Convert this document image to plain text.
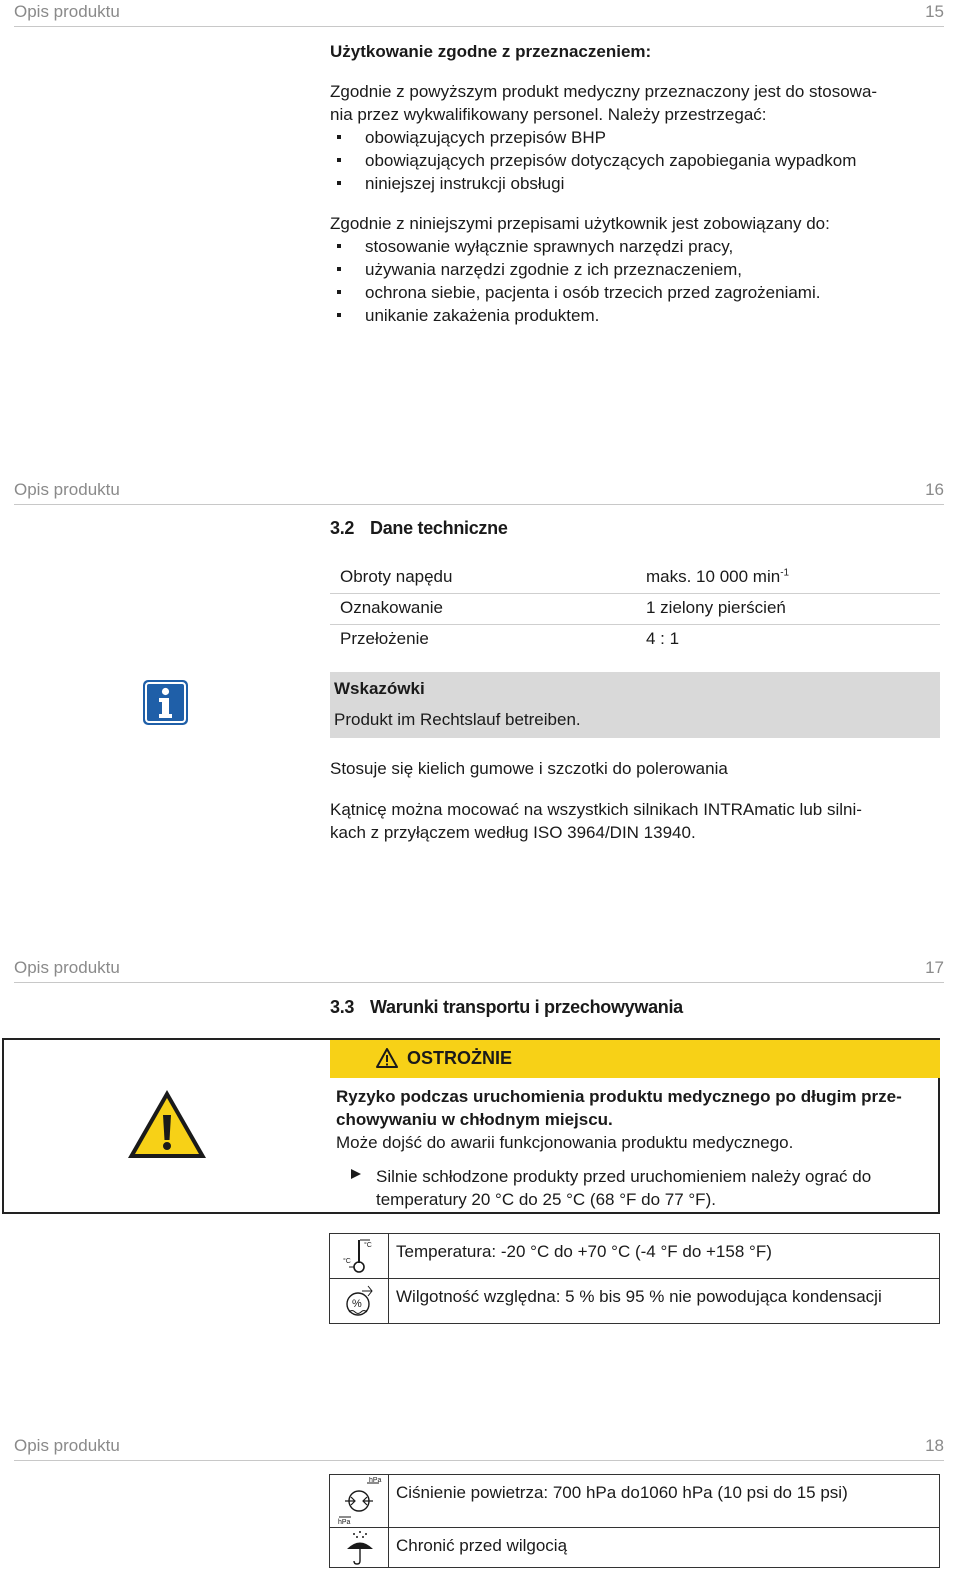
Opis produktu	15
Użytkowanie zgodne z przeznaczeniem:
Zgodnie z powyższym produkt medyczny przeznaczony jest do stosowa-
nia przez wykwalifikowany personel. Należy przestrzegać:
obowiązujących przepisów BHP
obowiązujących przepisów dotyczących zapobiegania wypadkom
niniejszej instrukcji obsługi
Zgodnie z niniejszymi przepisami użytkownik jest zobowiązany do:
stosowanie wyłącznie sprawnych narzędzi pracy,
używania narzędzi zgodnie z ich przeznaczeniem,
ochrona siebie, pacjenta i osób trzecich przed zagrożeniami.
unikanie zakażenia produktem.
Opis produktu	16
3.2 Dane techniczne
Obroty napędu	maks. 10 000 $\min^{-1}$
Oznakowanie	1 zielony pierścień
Przełożenie	4 : 1
Wskazówki
Produkt im Rechtslauf betreiben.
Stosuje się kielich gumowe i szczotki do polerowania
Kątnicę można mocować na wszystkich silnikach INTRAmatic lub silni-
kach z przyłączem według ISO 3964/DIN 13940.
Opis produktu	17
3.3 Warunki transportu i przechowywania
OSTROŻNIE
Ryzyko podczas uruchomienia produktu medycznego po długim prze-
chowywaniu w chłodnym miejscu.
Może dojść do awarii funkcjonowania produktu medycznego.
Silnie schłodzone produkty przed uruchomieniem należy ograć do
temperatury 20 °C do 25 °C (68 °F do 77 °F).
°C
°C
Temperatura: -20 °C do +70 °C (-4 °F do +158 °F)
% Wilgotność względna: 5 % bis 95 % nie powodująca kondensacji
Opis produktu	18
hPa
hPa
Ciśnienie powietrza: 700 hPa do1060 hPa (10 psi do 15 psi)
Chronić przed wilgocią
